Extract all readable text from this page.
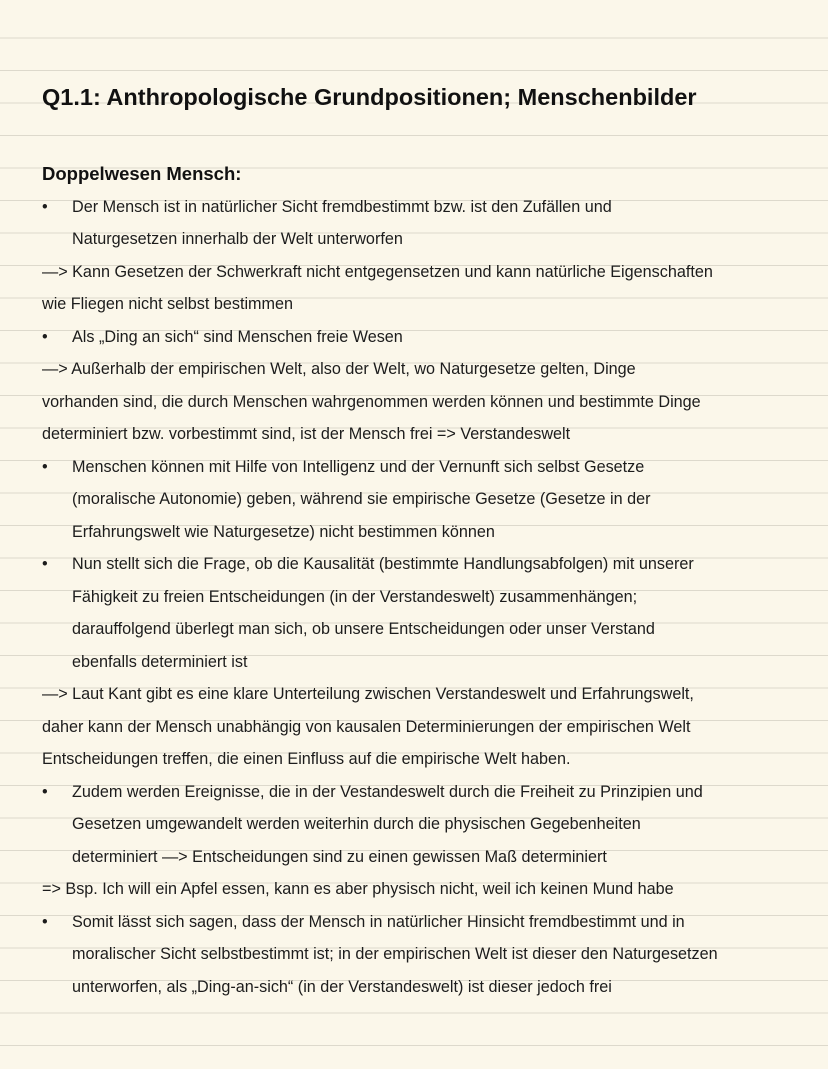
Q1.1: Anthropologische Grundpositionen; Menschenbilder
Doppelwesen Mensch:
•	Der Mensch ist in natürlicher Sicht fremdbestimmt bzw. ist den Zufällen und
Naturgesetzen innerhalb der Welt unterworfen
—> Kann Gesetzen der Schwerkraft nicht entgegensetzen und kann natürliche Eigenschaften
wie Fliegen nicht selbst bestimmen
•	Als „Ding an sich“ sind Menschen freie Wesen
—> Außerhalb der empirischen Welt, also der Welt, wo Naturgesetze gelten, Dinge
vorhanden sind, die durch Menschen wahrgenommen werden können und bestimmte Dinge
determiniert bzw. vorbestimmt sind, ist der Mensch frei => Verstandeswelt
•	Menschen können mit Hilfe von Intelligenz und der Vernunft sich selbst Gesetze
(moralische Autonomie) geben, während sie empirische Gesetze (Gesetze in der
Erfahrungswelt wie Naturgesetze) nicht bestimmen können
•	Nun stellt sich die Frage, ob die Kausalität (bestimmte Handlungsabfolgen) mit unserer
Fähigkeit zu freien Entscheidungen (in der Verstandeswelt) zusammenhängen;
darauffolgend überlegt man sich, ob unsere Entscheidungen oder unser Verstand
ebenfalls determiniert ist
—> Laut Kant gibt es eine klare Unterteilung zwischen Verstandeswelt und Erfahrungswelt,
daher kann der Mensch unabhängig von kausalen Determinierungen der empirischen Welt
Entscheidungen treffen, die einen Einfluss auf die empirische Welt haben.
•	Zudem werden Ereignisse, die in der Vestandeswelt durch die Freiheit zu Prinzipien und
Gesetzen umgewandelt werden weiterhin durch die physischen Gegebenheiten
determiniert —> Entscheidungen sind zu einen gewissen Maß determiniert
=> Bsp. Ich will ein Apfel essen, kann es aber physisch nicht, weil ich keinen Mund habe
•	Somit lässt sich sagen, dass der Mensch in natürlicher Hinsicht fremdbestimmt und in
moralischer Sicht selbstbestimmt ist; in der empirischen Welt ist dieser den Naturgesetzen
unterworfen, als „Ding-an-sich“ (in der Verstandeswelt) ist dieser jedoch frei
